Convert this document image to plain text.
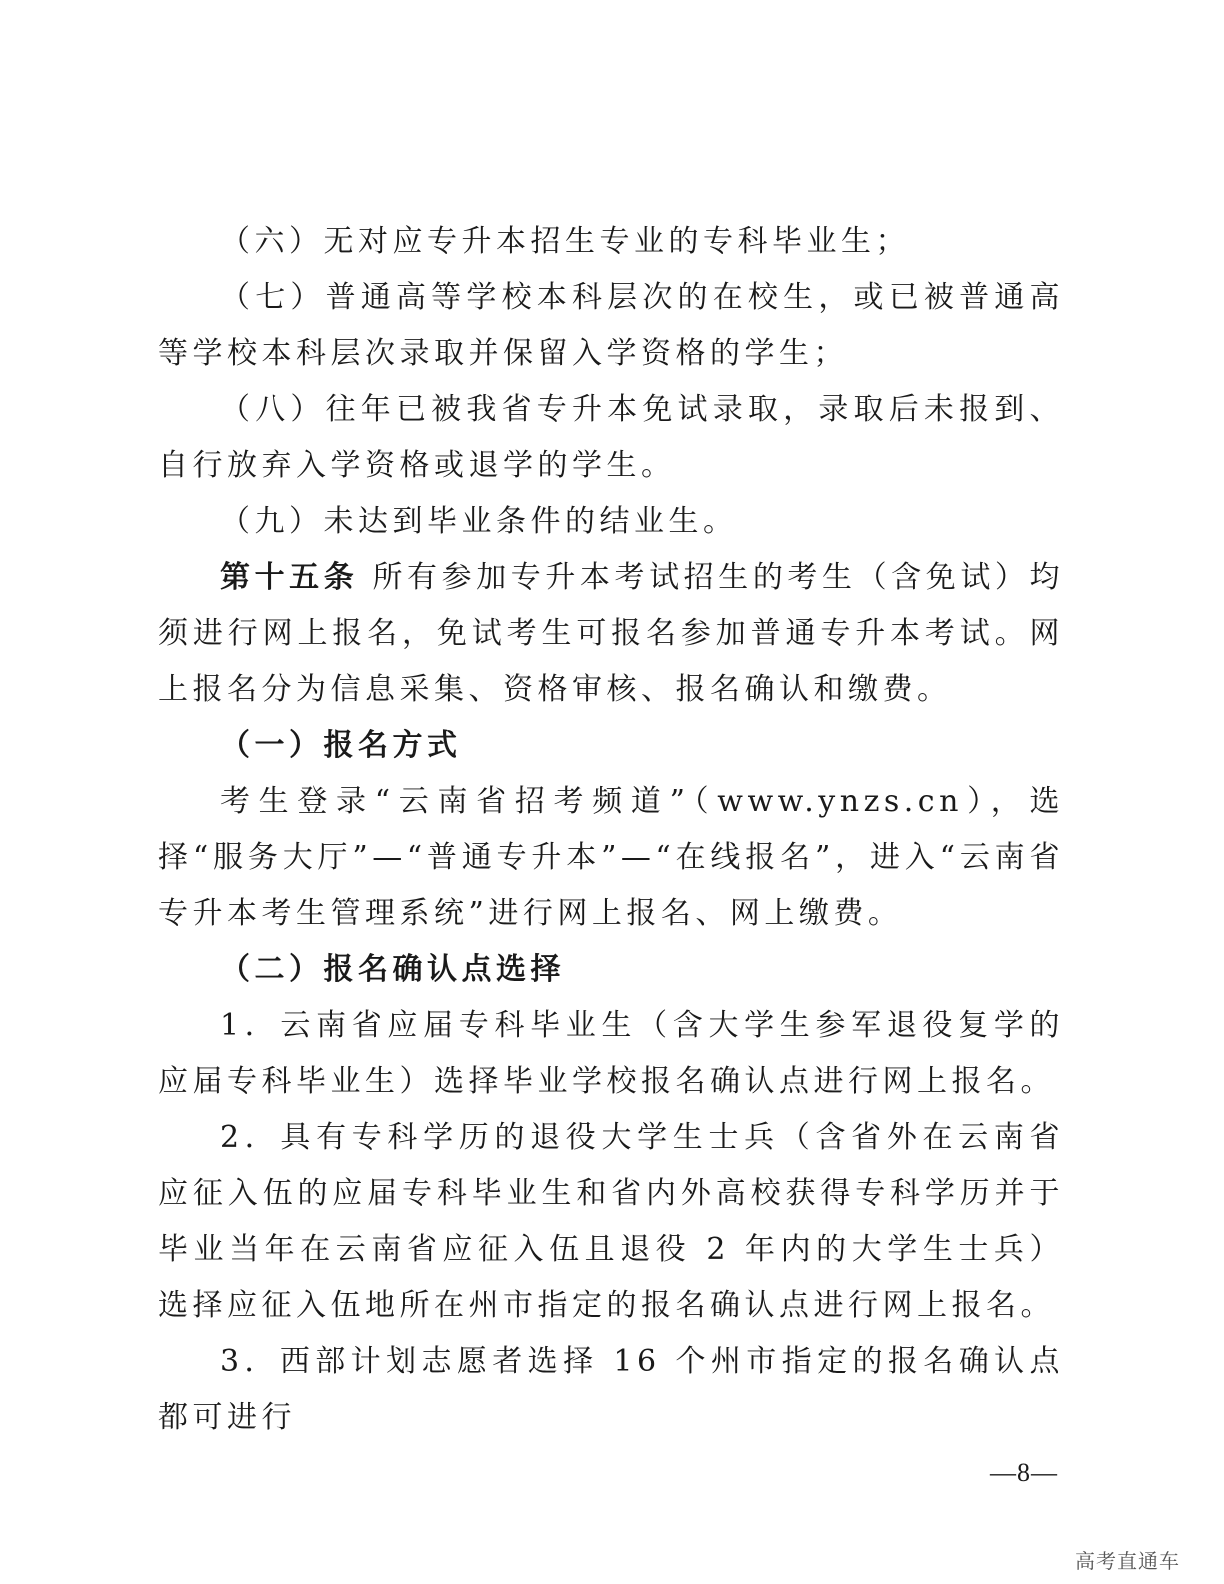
（六）无对应专升本招生专业的专科毕业生；

（七）普通高等学校本科层次的在校生，或已被普通高等学校本科层次录取并保留入学资格的学生；

（八）往年已被我省专升本免试录取，录取后未报到、自行放弃入学资格或退学的学生。

（九）未达到毕业条件的结业生。

第十五条 所有参加专升本考试招生的考生（含免试）均须进行网上报名，免试考生可报名参加普通专升本考试。网上报名分为信息采集、资格审核、报名确认和缴费。

（一）报名方式

考生登录“云南省招考频道”（www.ynzs.cn），选择“服务大厅”—“普通专升本”—“在线报名”，进入“云南省专升本考生管理系统”进行网上报名、网上缴费。

（二）报名确认点选择

1．云南省应届专科毕业生（含大学生参军退役复学的应届专科毕业生）选择毕业学校报名确认点进行网上报名。

2．具有专科学历的退役大学生士兵（含省外在云南省应征入伍的应届专科毕业生和省内外高校获得专科学历并于毕业当年在云南省应征入伍且退役 2 年内的大学生士兵）选择应征入伍地所在州市指定的报名确认点进行网上报名。

3．西部计划志愿者选择 16 个州市指定的报名确认点都可进行

—8—
高考直通车
